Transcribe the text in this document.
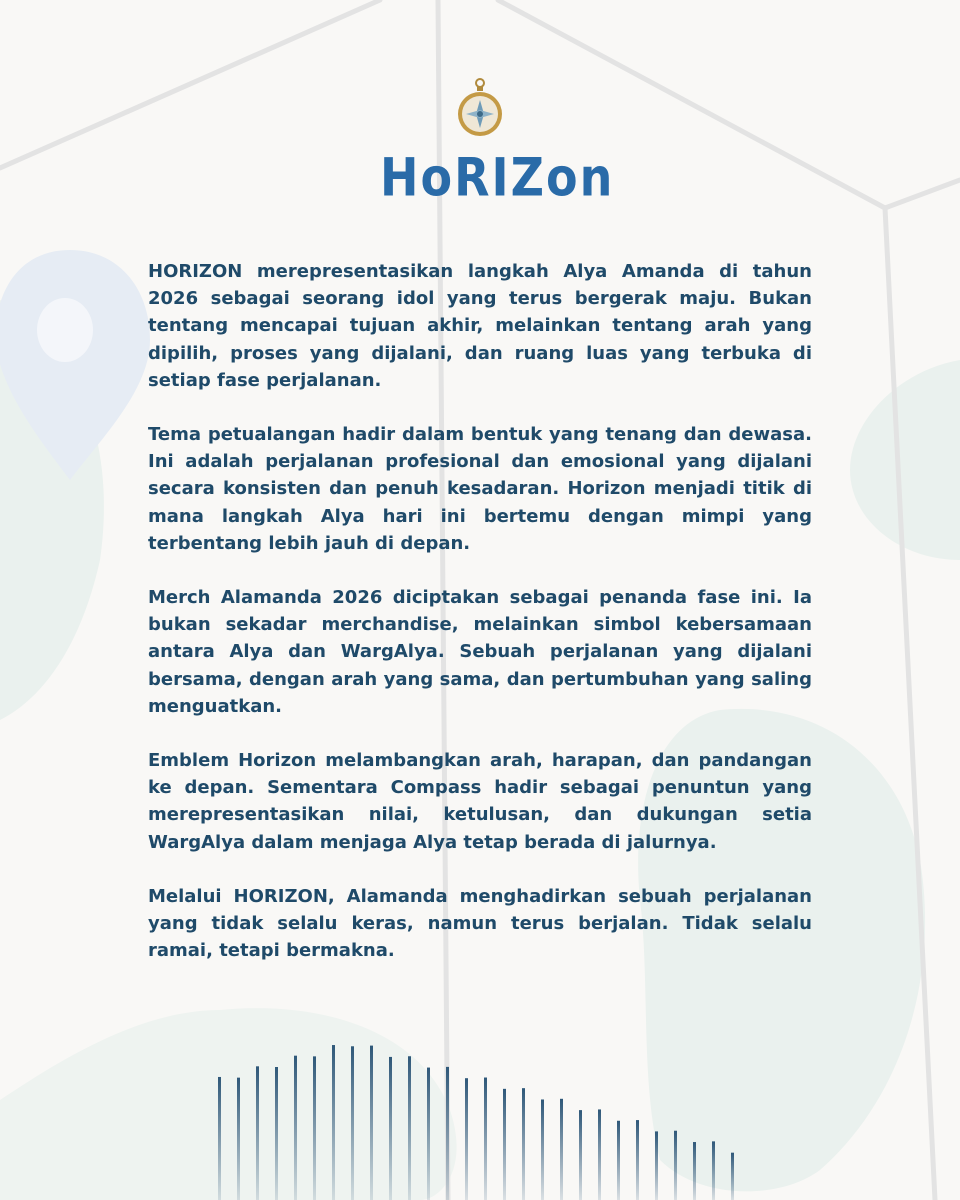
HoRIZon

HORIZON merepresentasikan langkah Alya Amanda di tahun 2026 sebagai seorang idol yang terus bergerak maju. Bukan tentang mencapai tujuan akhir, melainkan tentang arah yang dipilih, proses yang dijalani, dan ruang luas yang terbuka di setiap fase perjalanan.

Tema petualangan hadir dalam bentuk yang tenang dan dewasa. Ini adalah perjalanan profesional dan emosional yang dijalani secara konsisten dan penuh kesadaran. Horizon menjadi titik di mana langkah Alya hari ini bertemu dengan mimpi yang terbentang lebih jauh di depan.

Merch Alamanda 2026 diciptakan sebagai penanda fase ini. Ia bukan sekadar merchandise, melainkan simbol kebersamaan antara Alya dan WargAlya. Sebuah perjalanan yang dijalani bersama, dengan arah yang sama, dan pertumbuhan yang saling menguatkan.

Emblem Horizon melambangkan arah, harapan, dan pandangan ke depan. Sementara Compass hadir sebagai penuntun yang merepresentasikan nilai, ketulusan, dan dukungan setia WargAlya dalam menjaga Alya tetap berada di jalurnya.

Melalui HORIZON, Alamanda menghadirkan sebuah perjalanan yang tidak selalu keras, namun terus berjalan. Tidak selalu ramai, tetapi bermakna.
